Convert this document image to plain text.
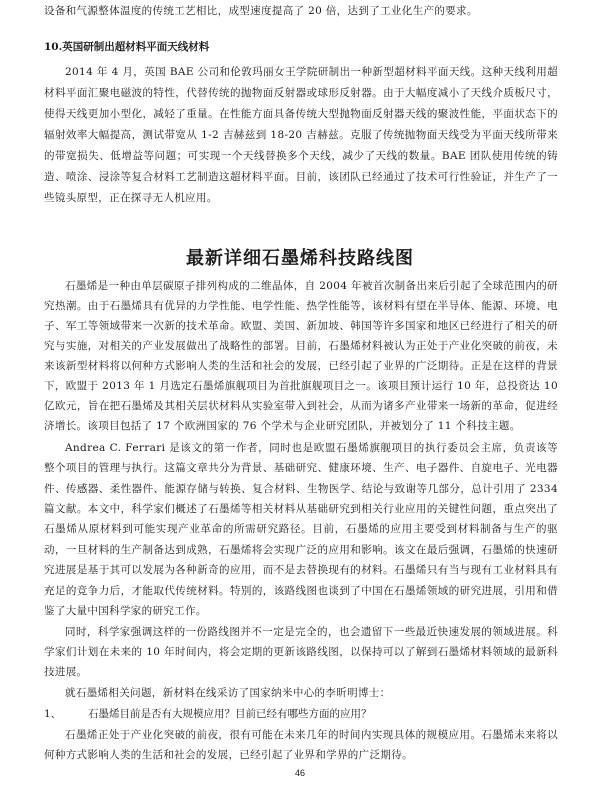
设备和气源整体温度的传统工艺相比，成型速度提高了 20 倍，达到了工业化生产的要求。

10.英国研制出超材料平面天线材料

2014 年 4 月，英国 BAE 公司和伦敦玛丽女王学院研制出一种新型超材料平面天线。这种天线利用超材料平面汇聚电磁波的特性，代替传统的抛物面反射器或球形反射器。由于大幅度减小了天线介质板尺寸，使得天线更加小型化，减轻了重量。在性能方面具备传统大型抛物面反射器天线的聚波性能，平面状态下的辐射效率大幅提高，测试带宽从 1-2 吉赫兹到 18-20 吉赫兹。克服了传统抛物面天线受为平面天线所带来的带宽损失、低增益等问题；可实现一个天线替换多个天线，减少了天线的数量。BAE 团队使用传统的铸造、喷涂、浸涂等复合材料工艺制造这超材料平面。目前，该团队已经通过了技术可行性验证，并生产了一些镜头原型，正在探寻无人机应用。

最新详细石墨烯科技路线图

石墨烯是一种由单层碳原子排列构成的二维晶体，自 2004 年被首次制备出来后引起了全球范围内的研究热潮。由于石墨烯具有优异的力学性能、电学性能、热学性能等，该材料有望在半导体、能源、环境、电子、军工等领域带来一次新的技术革命。欧盟、美国、新加坡、韩国等许多国家和地区已经进行了相关的研究与实施，对相关的产业发展做出了战略性的部署。目前，石墨烯材料被认为正处于产业化突破的前夜，未来该新型材料将以何种方式影响人类的生活和社会的发展，已经引起了业界的广泛期待。正是在这样的背景下，欧盟于 2013 年 1 月选定石墨烯旗舰项目为首批旗舰项目之一。该项目预计运行 10 年，总投资达 10 亿欧元，旨在把石墨烯及其相关层状材料从实验室带入到社会，从而为诸多产业带来一场新的革命，促进经济增长。该项目包括了 17 个欧洲国家的 76 个学术与企业研究团队，并被划分了 11 个科技主题。

Andrea C. Ferrari 是该文的第一作者，同时也是欧盟石墨烯旗舰项目的执行委员会主席，负责该等整个项目的管理与执行。这篇文章共分为背景、基础研究、健康环境、生产、电子器件、自旋电子、光电器件、传感器、柔性器件、能源存储与转换、复合材料、生物医学、结论与致谢等几部分，总计引用了 2334 篇文献。本文中，科学家们概述了石墨烯等相关材料从基础研究到相关行业应用的关键性问题，重点突出了石墨烯从原材料到可能实现产业革命的所需研究路径。目前，石墨烯的应用主要受到材料制备与生产的驱动，一旦材料的生产制备达到成熟，石墨烯将会实现广泛的应用和影响。该文在最后强调，石墨烯的快速研究进展是基于其可以发展为各种新奇的应用，而不是去替换现有的材料。石墨烯只有当与现有工业材料具有充足的竞争力后，才能取代传统材料。特别的，该路线图也谈到了中国在石墨烯领域的研究进展，引用和借鉴了大量中国科学家的研究工作。

同时，科学家强调这样的一份路线图并不一定是完全的，也会遗留下一些最近快速发展的领域进展。科学家们计划在未来的 10 年时间内，将会定期的更新该路线图，以保持可以了解到石墨烯材料领域的最新科技进展。

就石墨烯相关问题，新材料在线采访了国家纳米中心的李昕明博士：

1、	石墨烯目前是否有大规模应用？目前已经有哪些方面的应用？

石墨烯正处于产业化突破的前夜，很有可能在未来几年的时间内实现具体的规模应用。石墨烯未来将以何种方式影响人类的生活和社会的发展，已经引起了业界和学界的广泛期待。

46
